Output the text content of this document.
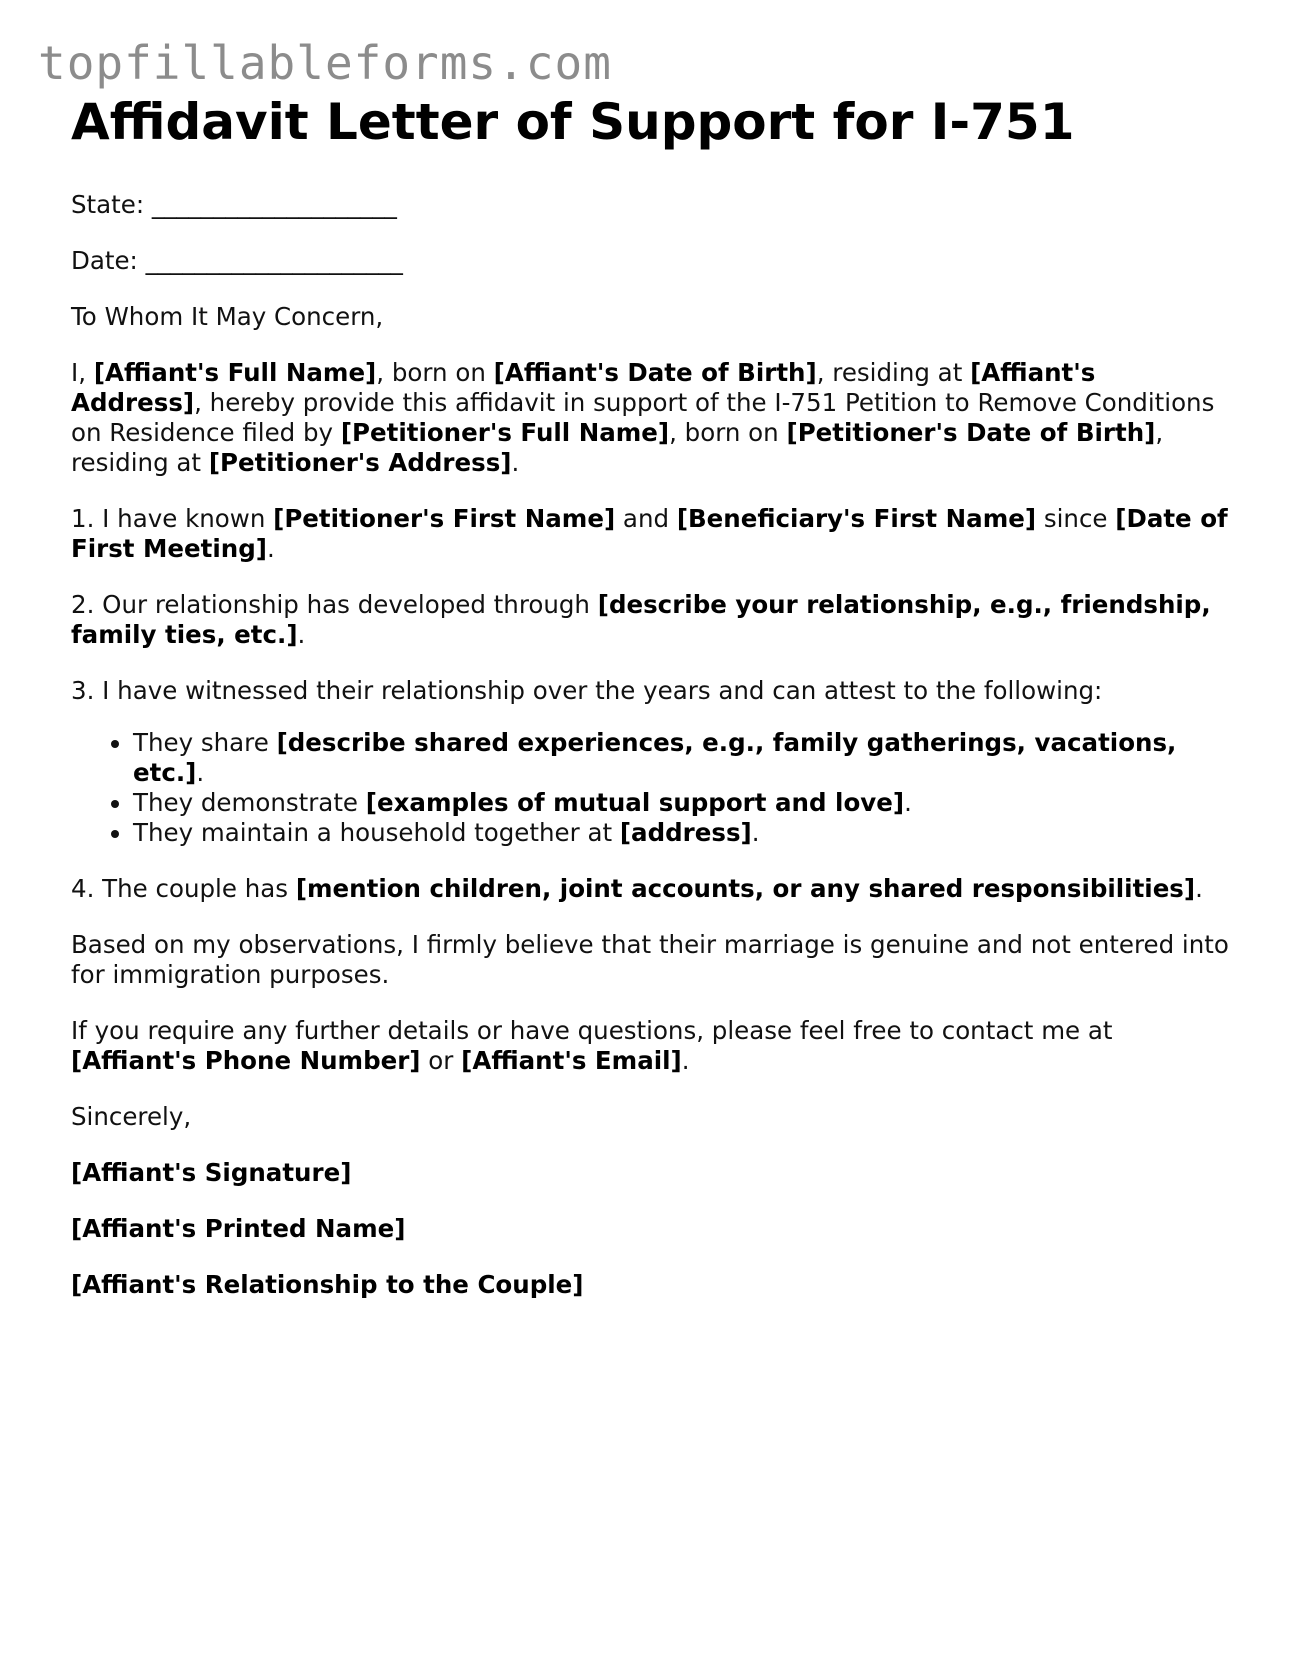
topfillableforms.com
Affidavit Letter of Support for I-751

State: ____________________

Date: _____________________

To Whom It May Concern,

I, [Affiant's Full Name], born on [Affiant's Date of Birth], residing at [Affiant's Address], hereby provide this affidavit in support of the I-751 Petition to Remove Conditions on Residence filed by [Petitioner's Full Name], born on [Petitioner's Date of Birth], residing at [Petitioner's Address].

1. I have known [Petitioner's First Name] and [Beneficiary's First Name] since [Date of First Meeting].

2. Our relationship has developed through [describe your relationship, e.g., friendship, family ties, etc.].

3. I have witnessed their relationship over the years and can attest to the following:

• They share [describe shared experiences, e.g., family gatherings, vacations, etc.].
• They demonstrate [examples of mutual support and love].
• They maintain a household together at [address].

4. The couple has [mention children, joint accounts, or any shared responsibilities].

Based on my observations, I firmly believe that their marriage is genuine and not entered into for immigration purposes.

If you require any further details or have questions, please feel free to contact me at [Affiant's Phone Number] or [Affiant's Email].

Sincerely,

[Affiant's Signature]

[Affiant's Printed Name]

[Affiant's Relationship to the Couple]
